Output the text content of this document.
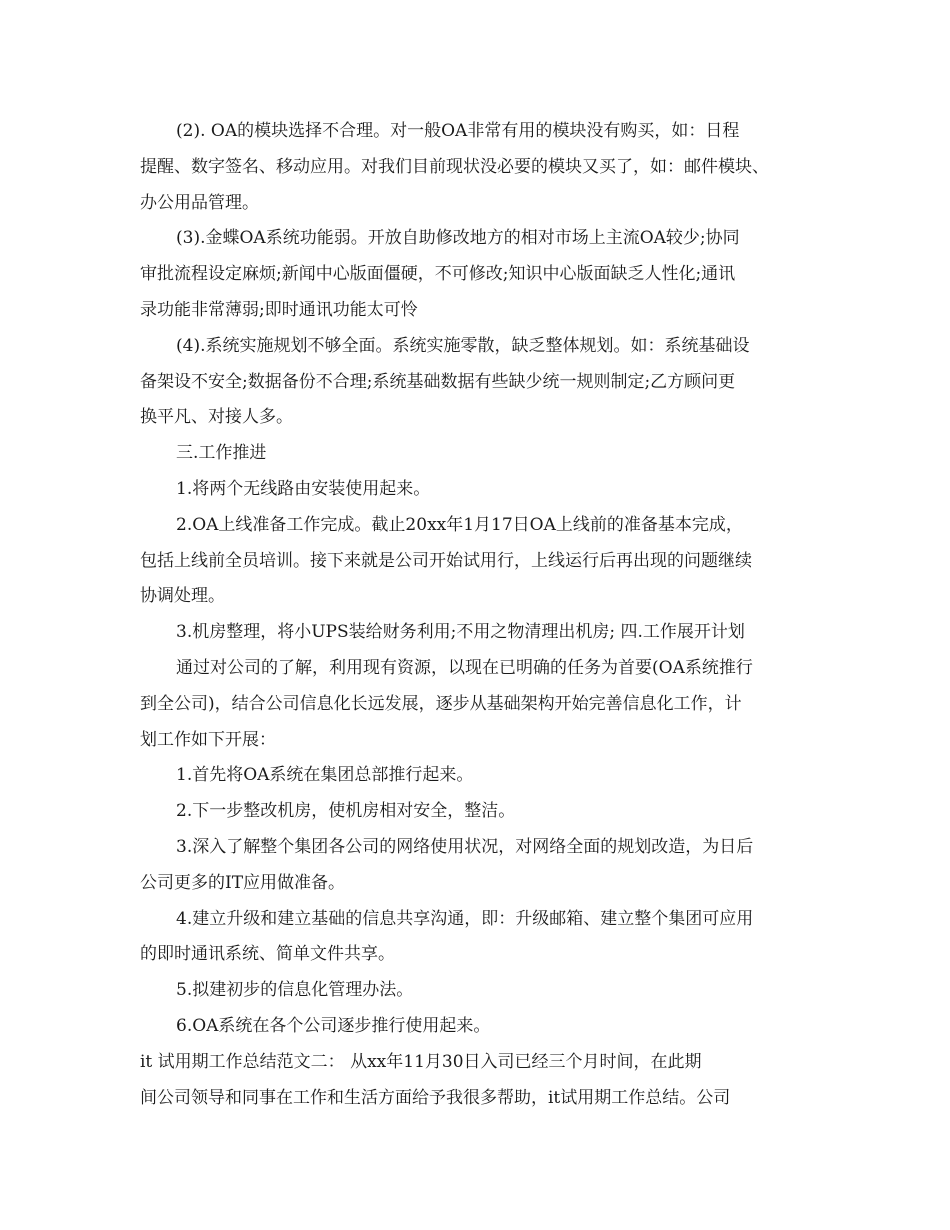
(2). OA的模块选择不合理。对一般OA非常有用的模块没有购买，如：日程
提醒、数字签名、移动应用。对我们目前现状没必要的模块又买了，如：邮件模块、
办公用品管理。
(3).金蝶OA系统功能弱。开放自助修改地方的相对市场上主流OA较少;协同
审批流程设定麻烦;新闻中心版面僵硬，不可修改;知识中心版面缺乏人性化;通讯
录功能非常薄弱;即时通讯功能太可怜
(4).系统实施规划不够全面。系统实施零散，缺乏整体规划。如：系统基础设
备架设不安全;数据备份不合理;系统基础数据有些缺少统一规则制定;乙方顾问更
换平凡、对接人多。
三.工作推进
1.将两个无线路由安装使用起来。
2.OA上线准备工作完成。截止20xx年1月17日OA上线前的准备基本完成，
包括上线前全员培训。接下来就是公司开始试用行，上线运行后再出现的问题继续
协调处理。
3.机房整理，将小UPS装给财务利用;不用之物清理出机房; 四.工作展开计划
通过对公司的了解，利用现有资源，以现在已明确的任务为首要(OA系统推行
到全公司)，结合公司信息化长远发展，逐步从基础架构开始完善信息化工作，计
划工作如下开展：
1.首先将OA系统在集团总部推行起来。
2.下一步整改机房，使机房相对安全，整洁。
3.深入了解整个集团各公司的网络使用状况，对网络全面的规划改造，为日后
公司更多的IT应用做准备。
4.建立升级和建立基础的信息共享沟通，即：升级邮箱、建立整个集团可应用
的即时通讯系统、简单文件共享。
5.拟建初步的信息化管理办法。
6.OA系统在各个公司逐步推行使用起来。
it 试用期工作总结范文二： 从xx年11月30日入司已经三个月时间，在此期
间公司领导和同事在工作和生活方面给予我很多帮助，it试用期工作总结。公司
